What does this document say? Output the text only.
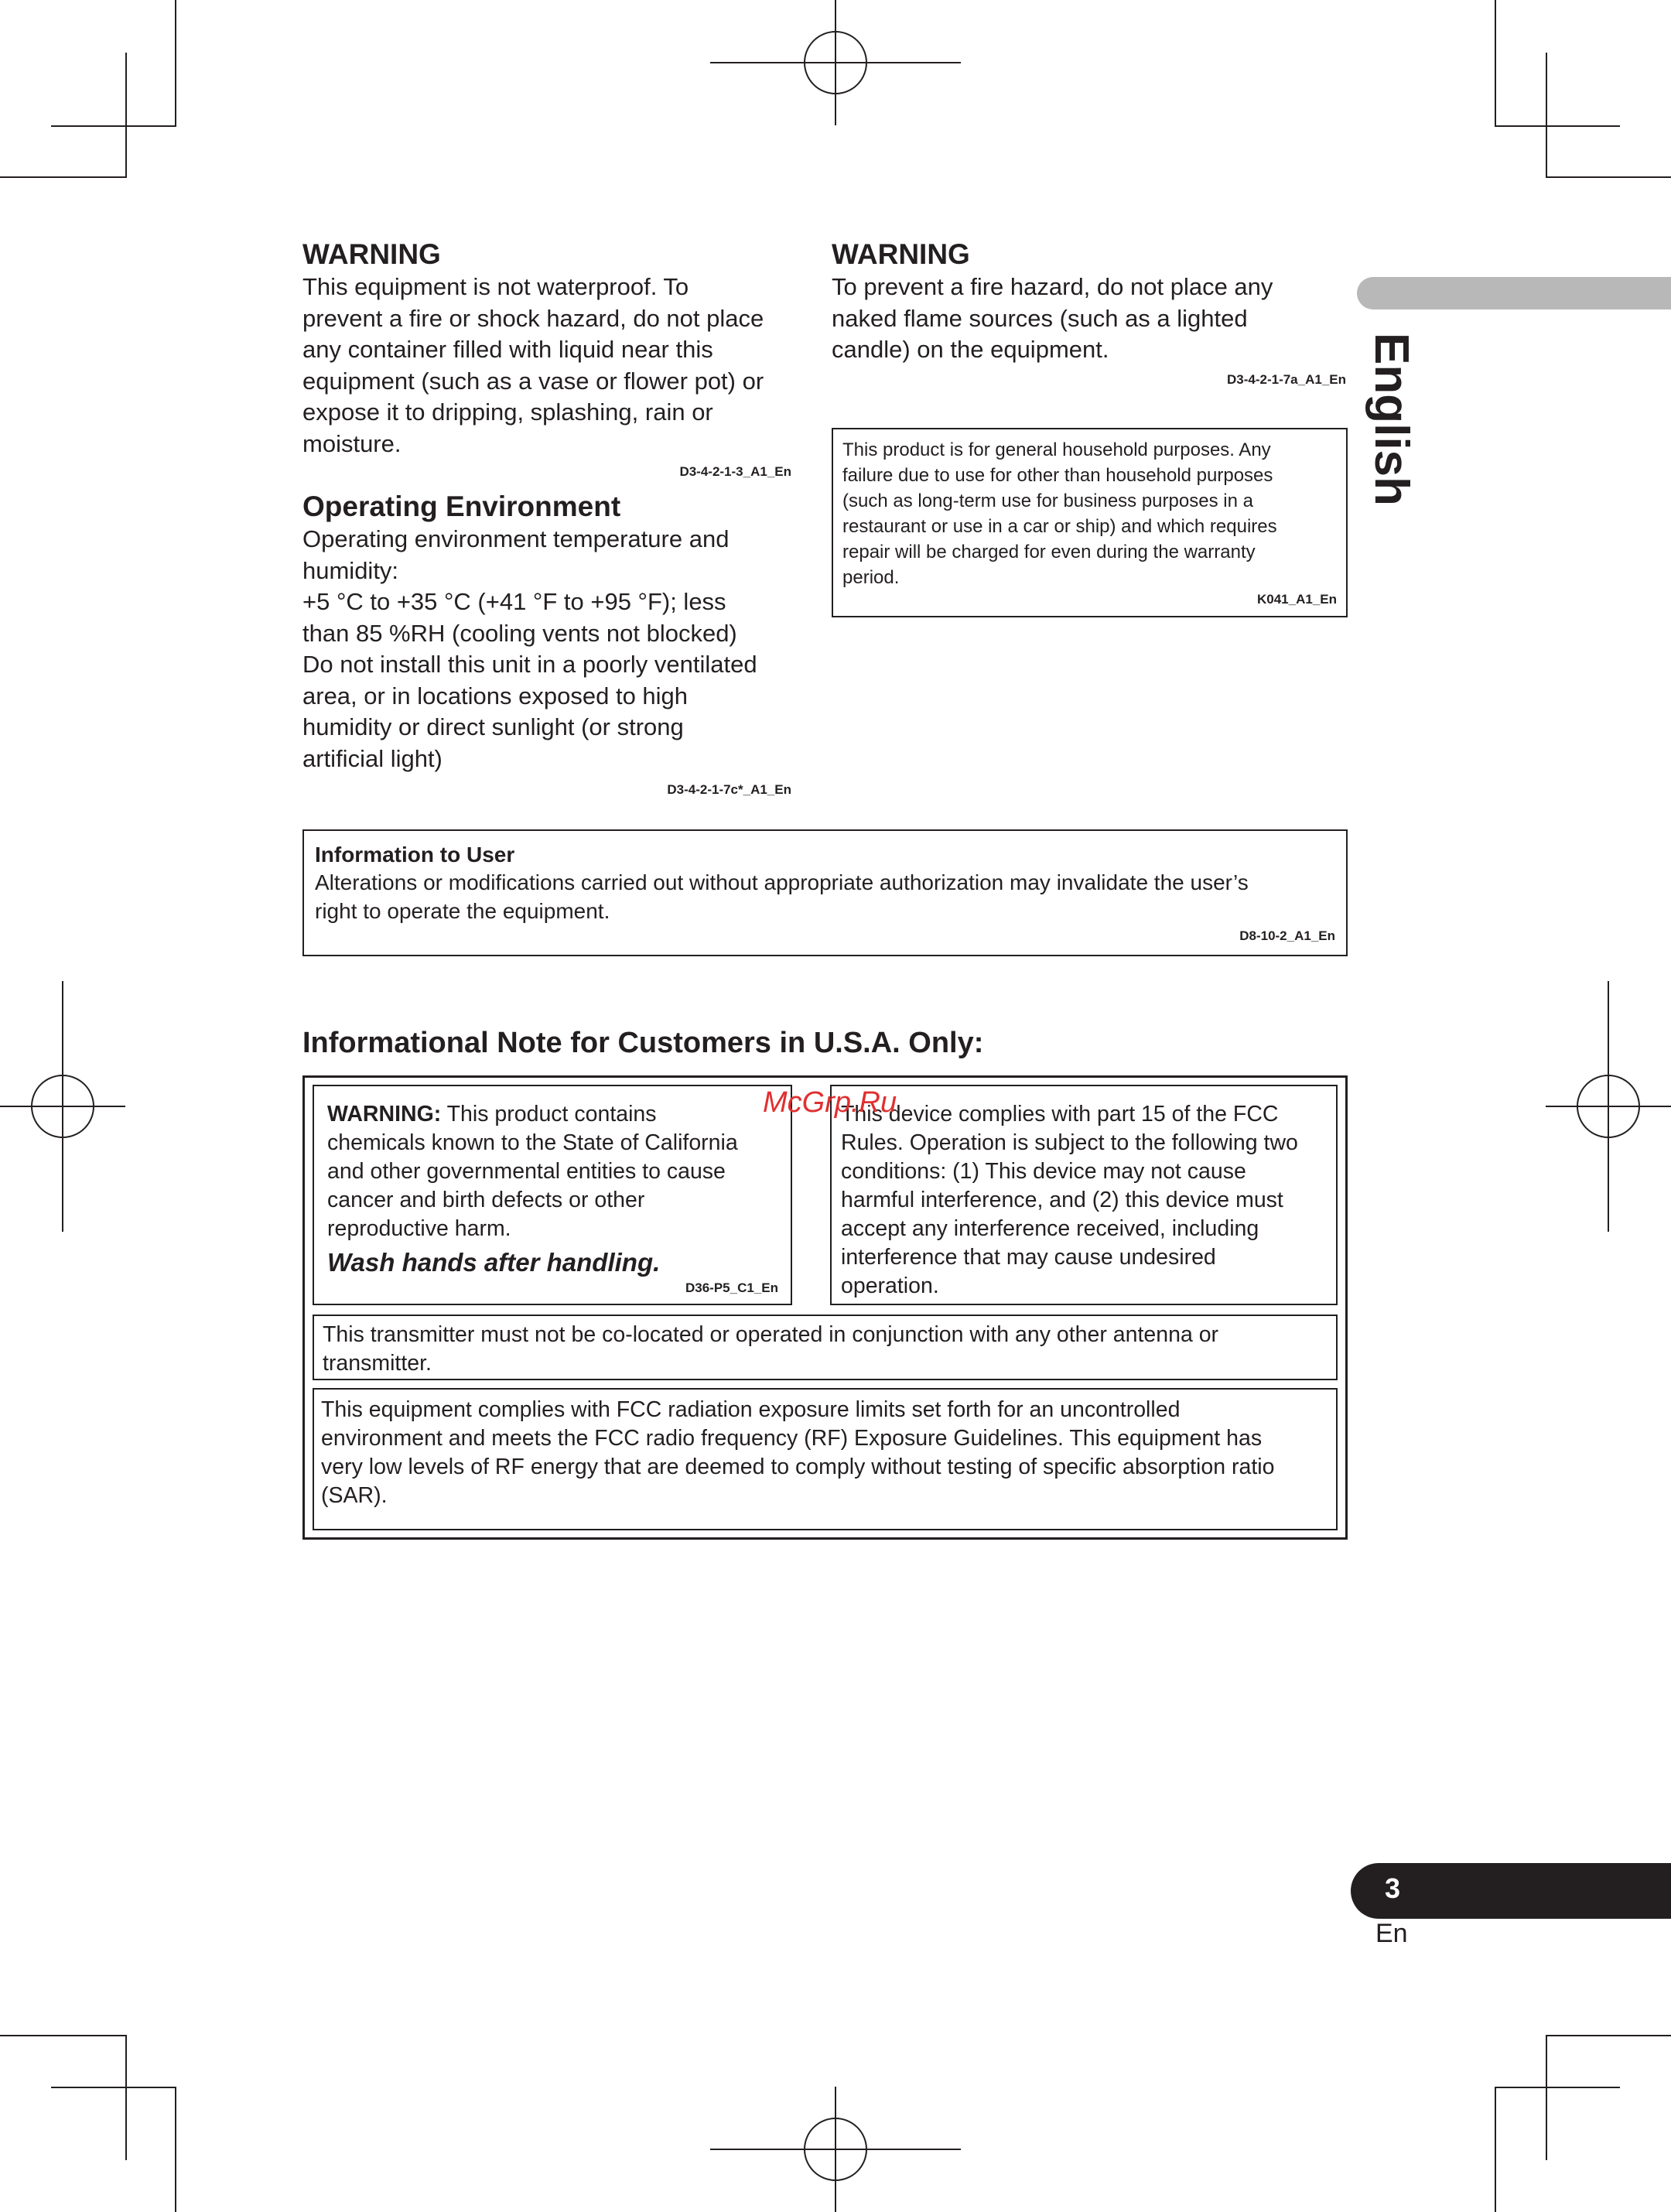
WARNING

This equipment is not waterproof. To

prevent a fire or shock hazard, do not place

any container filled with liquid near this

equipment (such as a vase or flower pot) or

expose it to dripping, splashing, rain or

moisture.

D3-4-2-1-3_A1_En

Operating Environment

Operating environment temperature and

humidity:

+5 °C to +35 °C (+41 °F to +95 °F); less

than 85 %RH (cooling vents not blocked)

Do not install this unit in a poorly ventilated

area, or in locations exposed to high

humidity or direct sunlight (or strong

artificial light)

D3-4-2-1-7c*_A1_En

WARNING

To prevent a fire hazard, do not place any

naked flame sources (such as a lighted

candle) on the equipment.

D3-4-2-1-7a_A1_En

This product is for general household purposes. Any

failure due to use for other than household purposes

(such as long-term use for business purposes in a

restaurant or use in a car or ship) and which requires

repair will be charged for even during the warranty

period.

K041_A1_En

English

Information to User

Alterations or modifications carried out without appropriate authorization may invalidate the user’s

right to operate the equipment.

D8-10-2_A1_En

Informational Note for Customers in U.S.A. Only:

WARNING: This product contains

chemicals known to the State of California

and other governmental entities to cause

cancer and birth defects or other

reproductive harm.

Wash hands after handling.

D36-P5_C1_En

This device complies with part 15 of the FCC

Rules. Operation is subject to the following two

conditions: (1) This device may not cause

harmful interference, and (2) this device must

accept any interference received, including

interference that may cause undesired

operation.

McGrp.Ru

This transmitter must not be co-located or operated in conjunction with any other antenna or

transmitter.

This equipment complies with FCC radiation exposure limits set forth for an uncontrolled

environment and meets the FCC radio frequency (RF) Exposure Guidelines. This equipment has

very low levels of RF energy that are deemed to comply without testing of specific absorption ratio

(SAR).

3
En
